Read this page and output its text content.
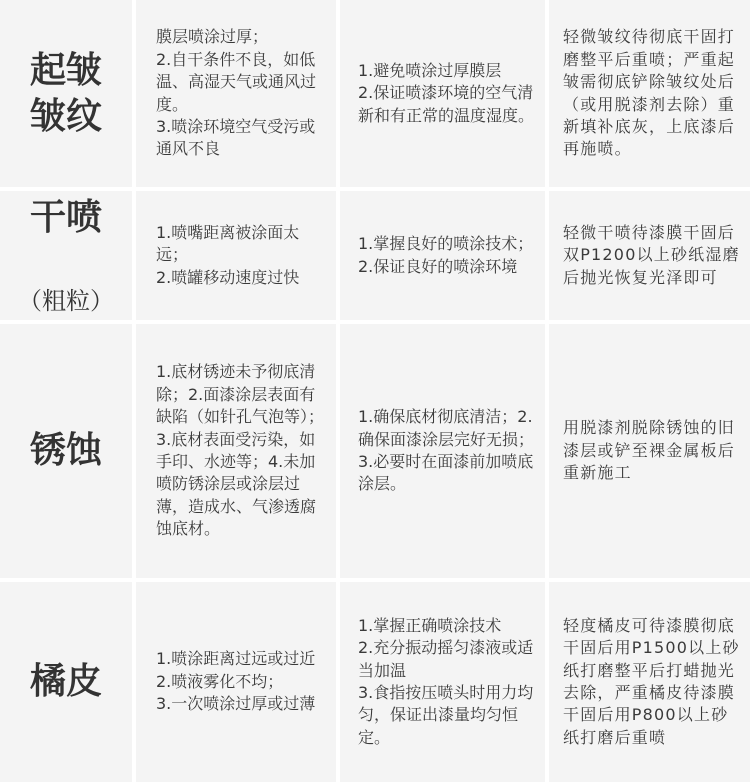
起皱
皱纹
膜层喷涂过厚；
2.自干条件不良，如低温、高湿天气或通风过度。
3.喷涂环境空气受污或通风不良
1.避免喷涂过厚膜层
2.保证喷漆环境的空气清新和有正常的温度湿度。
轻微皱纹待彻底干固打磨整平后重喷；严重起皱需彻底铲除皱纹处后（或用脱漆剂去除）重新填补底灰，上底漆后再施喷。

干喷

（粗粒）

1.喷嘴距离被涂面太远；
2.喷罐移动速度过快
1.掌握良好的喷涂技术；
2.保证良好的喷涂环境
轻微干喷待漆膜干固后双P1200以上砂纸湿磨后抛光恢复光泽即可
锈蚀
1.底材锈迹未予彻底清除；2.面漆涂层表面有缺陷（如针孔气泡等）；3.底材表面受污染，如手印、水迹等；4.未加喷防锈涂层或涂层过薄，造成水、气渗透腐蚀底材。
1.确保底材彻底清洁；2.确保面漆涂层完好无损；
3.必要时在面漆前加喷底涂层。
用脱漆剂脱除锈蚀的旧漆层或铲至裸金属板后重新施工
橘皮
1.喷涂距离过远或过近
2.喷液雾化不均；
3.一次喷涂过厚或过薄
1.掌握正确喷涂技术
2.充分振动摇匀漆液或适当加温
3.食指按压喷头时用力均匀，保证出漆量均匀恒定。
轻度橘皮可待漆膜彻底干固后用P1500以上砂纸打磨整平后打蜡抛光去除，严重橘皮待漆膜干固后用P800以上砂纸打磨后重喷
